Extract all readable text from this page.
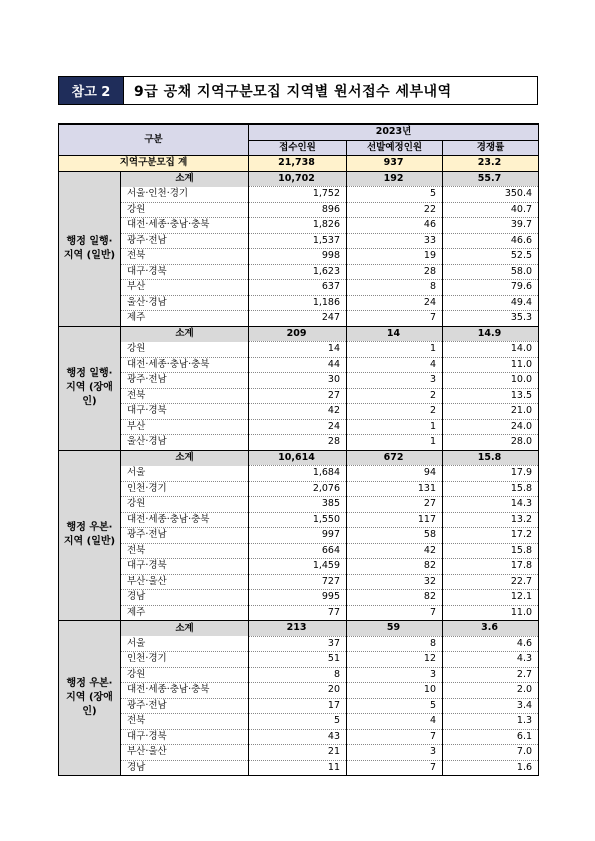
참고 2	9급 공채 지역구분모집 지역별 원서접수 세부내역
구분		2023년		
		접수인원	선발예정인원	경쟁률
지역구분모집 계		21,738	937	23.2
행정 일행·지역 (일반)	소계	10,702	192	55.7
	서울·인천·경기	1,752	5	350.4
	강원	896	22	40.7
	대전·세종·충남·충북	1,826	46	39.7
	광주·전남	1,537	33	46.6
	전북	998	19	52.5
	대구·경북	1,623	28	58.0
	부산	637	8	79.6
	울산·경남	1,186	24	49.4
	제주	247	7	35.3
행정 일행·지역 (장애인)	소계	209	14	14.9
	강원	14	1	14.0
	대전·세종·충남·충북	44	4	11.0
	광주·전남	30	3	10.0
	전북	27	2	13.5
	대구·경북	42	2	21.0
	부산	24	1	24.0
	울산·경남	28	1	28.0
행정 우본·지역 (일반)	소계	10,614	672	15.8
	서울	1,684	94	17.9
	인천·경기	2,076	131	15.8
	강원	385	27	14.3
	대전·세종·충남·충북	1,550	117	13.2
	광주·전남	997	58	17.2
	전북	664	42	15.8
	대구·경북	1,459	82	17.8
	부산·울산	727	32	22.7
	경남	995	82	12.1
	제주	77	7	11.0
행정 우본·지역 (장애인)	소계	213	59	3.6
	서울	37	8	4.6
	인천·경기	51	12	4.3
	강원	8	3	2.7
	대전·세종·충남·충북	20	10	2.0
	광주·전남	17	5	3.4
	전북	5	4	1.3
	대구·경북	43	7	6.1
	부산·울산	21	3	7.0
	경남	11	7	1.6
